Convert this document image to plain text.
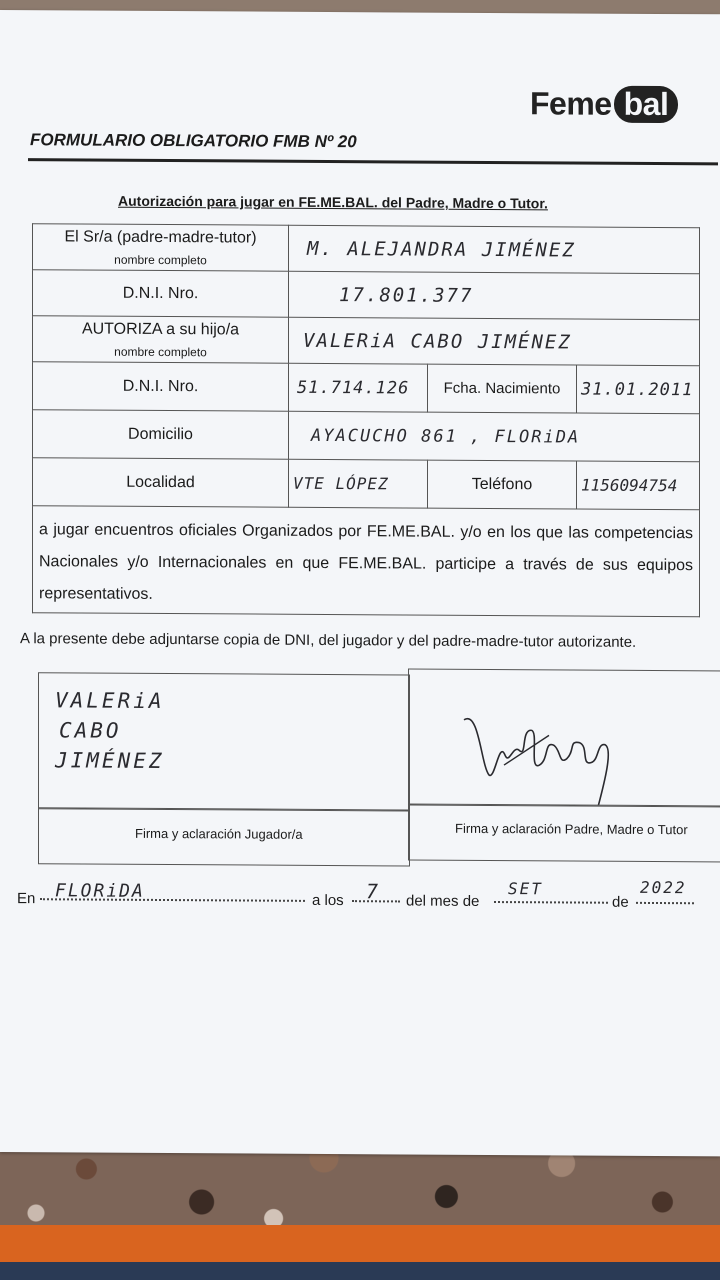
Feme bal
FORMULARIO OBLIGATORIO FMB Nº 20
Autorización para jugar en FE.ME.BAL. del Padre, Madre o Tutor.
El Sr/a (padre-madre-tutor)
nombre completo	M. ALEJANDRA JIMÉNEZ		
D.N.I. Nro.	17.801.377		
AUTORIZA a su hijo/a
nombre completo	VALERiA CABO JIMÉNEZ		
D.N.I. Nro.	51.714.126	Fcha. Nacimiento	31.01.2011
Domicilio	AYACUCHO 861 , FLORiDA		
Localidad	VTE LÓPEZ	Teléfono	1156094754
a jugar encuentros oficiales Organizados por FE.ME.BAL. y/o en los que las competencias Nacionales y/o Internacionales en que FE.ME.BAL. participe a través de sus equipos representativos.			
A la presente debe adjuntarse copia de DNI, del jugador y del padre-madre-tutor autorizante.
VALERiA
CABO
JIMÉNEZ
Firma y aclaración Jugador/a	Firma y aclaración Padre, Madre o Tutor
En FLORiDA	a los 7 del mes de
SET
de
2022
